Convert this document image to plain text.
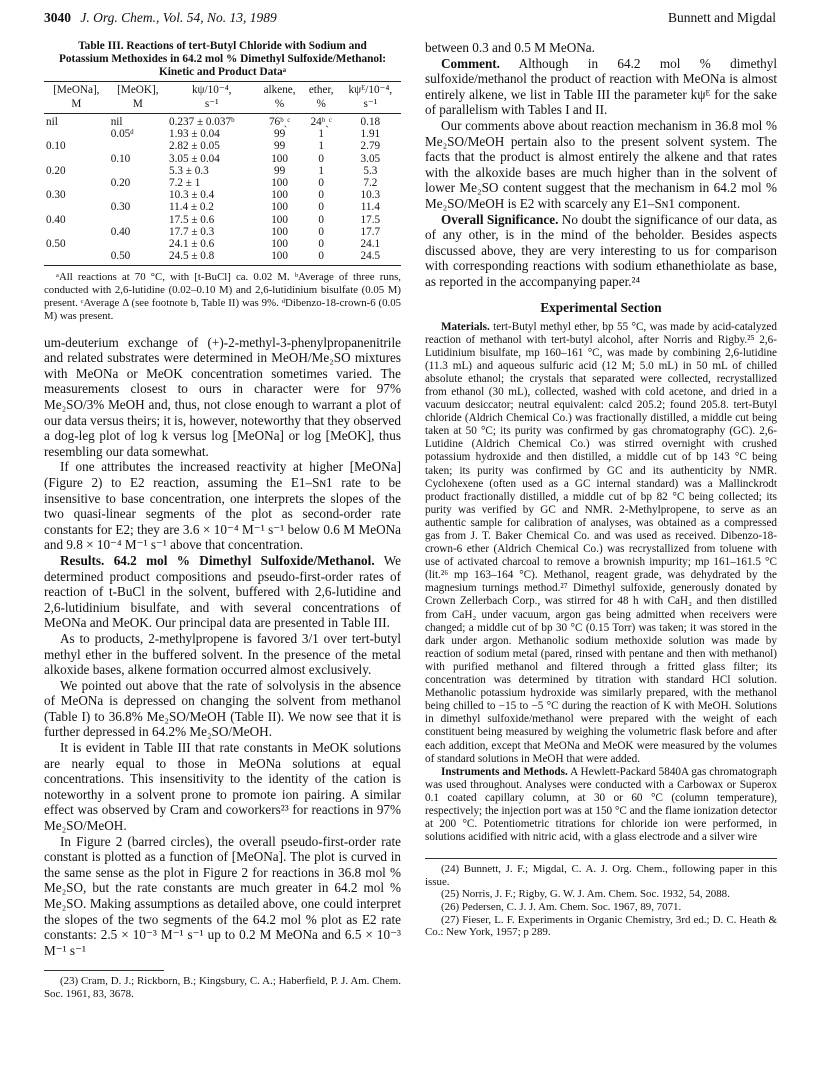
3040 J. Org. Chem., Vol. 54, No. 13, 1989	Bunnett and Migdal
Table III. Reactions of tert-Butyl Chloride with Sodium and Potassium Methoxides in 64.2 mol % Dimethyl Sulfoxide/Methanol: Kinetic and Product Dataᵃ
[MeONa],	[MeOK],	kψ/10⁻⁴,	alkene,	ether,	kψᴱ/10⁻⁴,
M	M	s⁻¹	%	%	s⁻¹
nil	nil	0.237 ± 0.037ᵇ	76ᵇˎᶜ	24ᵇˎᶜ	0.18
	0.05ᵈ	1.93 ± 0.04	99	1	1.91
0.10		2.82 ± 0.05	99	1	2.79
	0.10	3.05 ± 0.04	100	0	3.05
0.20		5.3 ± 0.3	99	1	5.3
	0.20	7.2 ± 1	100	0	7.2
0.30		10.3 ± 0.4	100	0	10.3
	0.30	11.4 ± 0.2	100	0	11.4
0.40		17.5 ± 0.6	100	0	17.5
	0.40	17.7 ± 0.3	100	0	17.7
0.50		24.1 ± 0.6	100	0	24.1
	0.50	24.5 ± 0.8	100	0	24.5
ᵃAll reactions at 70 °C, with [t-BuCl] ca. 0.02 M. ᵇAverage of three runs, conducted with 2,6-lutidine (0.02–0.10 M) and 2,6-lutidinium bisulfate (0.05 M) present. ᶜAverage Δ (see footnote b, Table II) was 9%. ᵈDibenzo-18-crown-6 (0.05 M) was present.

um-deuterium exchange of (+)-2-methyl-3-phenylpropanenitrile and related substrates were determined in MeOH/Me₂SO mixtures with MeONa or MeOK concentration sometimes varied. The measurements closest to ours in character were for 97% Me₂SO/3% MeOH and, thus, not close enough to warrant a plot of our data versus theirs; it is, however, noteworthy that they observed a dog-leg plot of log k versus log [MeONa] or log [MeOK], thus resembling our data somewhat.

If one attributes the increased reactivity at higher [MeONa] (Figure 2) to E2 reaction, assuming the E1–Sɴ1 rate to be insensitive to base concentration, one interprets the slopes of the two quasi-linear segments of the plot as second-order rate constants for E2; they are 3.6 × 10⁻⁴ M⁻¹ s⁻¹ below 0.6 M MeONa and 9.8 × 10⁻⁴ M⁻¹ s⁻¹ above that concentration.

Results. 64.2 mol % Dimethyl Sulfoxide/Methanol. We determined product compositions and pseudo-first-order rates of reaction of t-BuCl in the solvent, buffered with 2,6-lutidine and 2,6-lutidinium bisulfate, and with several concentrations of MeONa and MeOK. Our principal data are presented in Table III.

As to products, 2-methylpropene is favored 3/1 over tert-butyl methyl ether in the buffered solvent. In the presence of the metal alkoxide bases, alkene formation occurred almost exclusively.

We pointed out above that the rate of solvolysis in the absence of MeONa is depressed on changing the solvent from methanol (Table I) to 36.8% Me₂SO/MeOH (Table II). We now see that it is further depressed in 64.2% Me₂SO/MeOH.

It is evident in Table III that rate constants in MeOK solutions are nearly equal to those in MeONa solutions at equal concentrations. This insensitivity to the identity of the cation is noteworthy in a solvent prone to promote ion pairing. A similar effect was observed by Cram and coworkers²³ for reactions in 97% Me₂SO/MeOH.

In Figure 2 (barred circles), the overall pseudo-first-order rate constant is plotted as a function of [MeONa]. The plot is curved in the same sense as the plot in Figure 2 for reactions in 36.8 mol % Me₂SO, but the rate constants are much greater in 64.2 mol % Me₂SO. Making assumptions as detailed above, one could interpret the slopes of the two segments of the 64.2 mol % plot as E2 rate constants: 2.5 × 10⁻³ M⁻¹ s⁻¹ up to 0.2 M MeONa and 6.5 × 10⁻³ M⁻¹ s⁻¹

(23) Cram, D. J.; Rickborn, B.; Kingsbury, C. A.; Haberfield, P. J. Am. Chem. Soc. 1961, 83, 3678.

between 0.3 and 0.5 M MeONa.

Comment. Although in 64.2 mol % dimethyl sulfoxide/methanol the product of reaction with MeONa is almost entirely alkene, we list in Table III the parameter kψᴱ for the sake of parallelism with Tables I and II.

Our comments above about reaction mechanism in 36.8 mol % Me₂SO/MeOH pertain also to the present solvent system. The facts that the product is almost entirely the alkene and that rates with the alkoxide bases are much higher than in the solvent of lower Me₂SO content suggest that the mechanism in 64.2 mol % Me₂SO/MeOH is E2 with scarcely any E1–Sɴ1 component.

Overall Significance. No doubt the significance of our data, as of any other, is in the mind of the beholder. Besides aspects discussed above, they are very interesting to us for comparison with corresponding reactions with sodium ethanethiolate as base, as reported in the accompanying paper.²⁴

Experimental Section

Materials. tert-Butyl methyl ether, bp 55 °C, was made by acid-catalyzed reaction of methanol with tert-butyl alcohol, after Norris and Rigby.²⁵ 2,6-Lutidinium bisulfate, mp 160–161 °C, was made by combining 2,6-lutidine (11.3 mL) and aqueous sulfuric acid (12 M; 5.0 mL) in 50 mL of chilled absolute ethanol; the crystals that separated were collected, recrystallized from ethanol (30 mL), collected, washed with cold acetone, and dried in a vacuum desiccator; neutral equivalent: calcd 205.2; found 205.8. tert-Butyl chloride (Aldrich Chemical Co.) was fractionally distilled, a middle cut being taken at 50 °C; its purity was confirmed by gas chromatography (GC). 2,6-Lutidine (Aldrich Chemical Co.) was stirred overnight with crushed potassium hydroxide and then distilled, a middle cut of bp 143 °C being taken; its purity was confirmed by GC and its authenticity by NMR. Cyclohexene (often used as a GC internal standard) was a Mallinckrodt product fractionally distilled, a middle cut of bp 82 °C being collected; its purity was verified by GC and NMR. 2-Methylpropene, to serve as an authentic sample for calibration of analyses, was obtained as a compressed gas from J. T. Baker Chemical Co. and was used as received. Dibenzo-18-crown-6 ether (Aldrich Chemical Co.) was recrystallized from toluene with use of activated charcoal to remove a brownish impurity; mp 161–161.5 °C (lit.²⁶ mp 163–164 °C). Methanol, reagent grade, was dehydrated by the magnesium turnings method.²⁷ Dimethyl sulfoxide, generously donated by Crown Zellerbach Corp., was stirred for 48 h with CaH₂ and then distilled from CaH₂ under vacuum, argon gas being admitted when receivers were changed; a middle cut of bp 30 °C (0.15 Torr) was taken; it was stored in the dark under argon. Methanolic sodium methoxide solution was made by reaction of sodium metal (pared, rinsed with pentane and then with methanol) with purified methanol and filtered through a fritted glass filter; its concentration was determined by titration with standard HCl solution. Methanolic potassium hydroxide was similarly prepared, with the methanol being chilled to −15 to −5 °C during the reaction of K with MeOH. Solutions in dimethyl sulfoxide/methanol were prepared with the weight of each constituent being measured by weighing the volumetric flask before and after each addition, except that MeONa and MeOK were measured by the volumes of standard solutions in MeOH that were added.

Instruments and Methods. A Hewlett-Packard 5840A gas chromatograph was used throughout. Analyses were conducted with a Carbowax or Superox 0.1 coated capillary column, at 30 or 60 °C (column temperature), respectively; the injection port was at 150 °C and the flame ionization detector at 200 °C. Potentiometric titrations for chloride ion were performed, in solutions acidified with nitric acid, with a glass electrode and a silver wire

(24) Bunnett, J. F.; Migdal, C. A. J. Org. Chem., following paper in this issue.

(25) Norris, J. F.; Rigby, G. W. J. Am. Chem. Soc. 1932, 54, 2088.

(26) Pedersen, C. J. J. Am. Chem. Soc. 1967, 89, 7071.

(27) Fieser, L. F. Experiments in Organic Chemistry, 3rd ed.; D. C. Heath & Co.: New York, 1957; p 289.
